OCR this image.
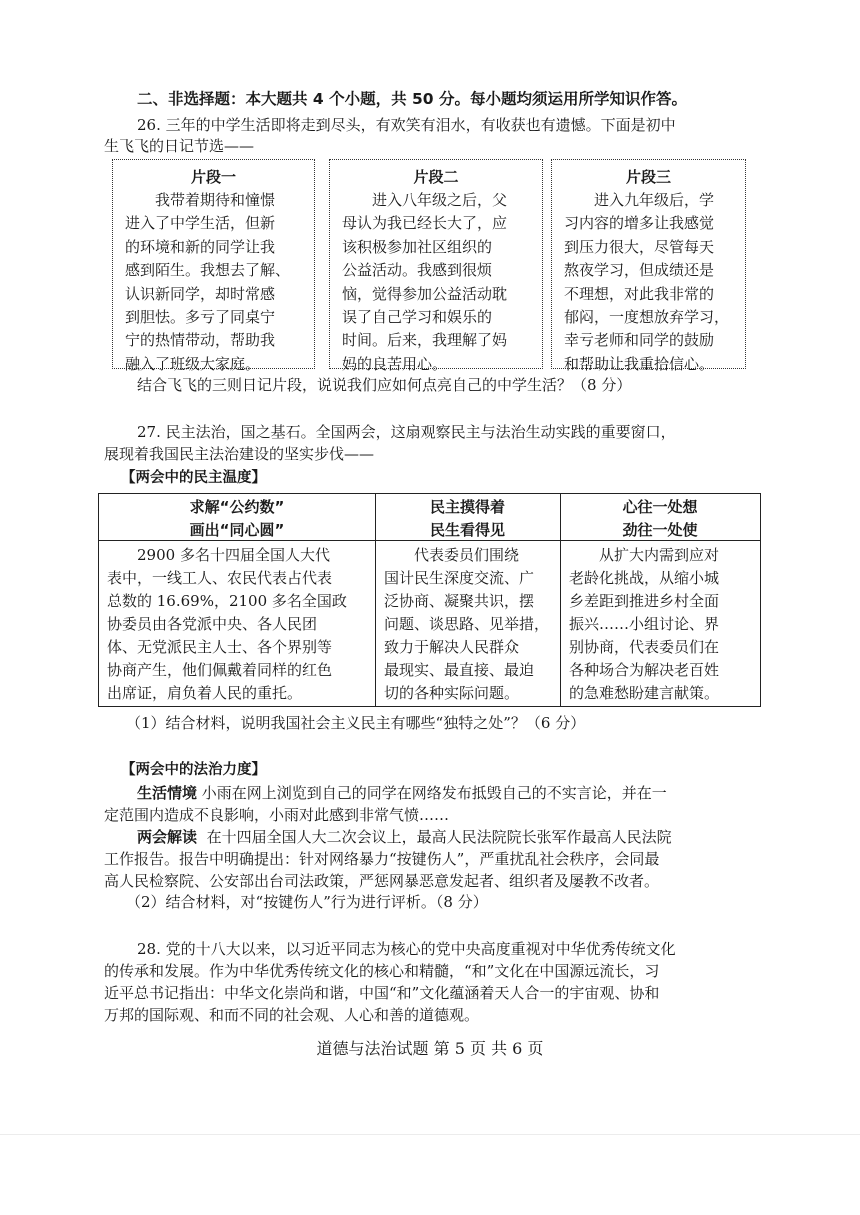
二、非选择题：本大题共 4 个小题，共 50 分。每小题均须运用所学知识作答。
26. 三年的中学生活即将走到尽头，有欢笑有泪水，有收获也有遗憾。下面是初中
生飞飞的日记节选——
片段一
我带着期待和憧憬
进入了中学生活，但新
的环境和新的同学让我
感到陌生。我想去了解、
认识新同学，却时常感
到胆怯。多亏了同桌宁
宁的热情带动，帮助我
融入了班级大家庭。
片段二
进入八年级之后，父
母认为我已经长大了，应
该积极参加社区组织的
公益活动。我感到很烦
恼，觉得参加公益活动耽
误了自己学习和娱乐的
时间。后来，我理解了妈
妈的良苦用心。
片段三
进入九年级后，学
习内容的增多让我感觉
到压力很大，尽管每天
熬夜学习，但成绩还是
不理想，对此我非常的
郁闷，一度想放弃学习，
幸亏老师和同学的鼓励
和帮助让我重拾信心。
结合飞飞的三则日记片段，说说我们应如何点亮自己的中学生活？（8 分）
27. 民主法治，国之基石。全国两会，这扇观察民主与法治生动实践的重要窗口，
展现着我国民主法治建设的坚实步伐——
【两会中的民主温度】
求解“公约数”
画出“同心圆”
民主摸得着
民生看得见
心往一处想
劲往一处使
2900 多名十四届全国人大代
表中，一线工人、农民代表占代表
总数的 16.69%，2100 多名全国政
协委员由各党派中央、各人民团
体、无党派民主人士、各个界别等
协商产生，他们佩戴着同样的红色
出席证，肩负着人民的重托。
代表委员们围绕
国计民生深度交流、广
泛协商、凝聚共识，摆
问题、谈思路、见举措，
致力于解决人民群众
最现实、最直接、最迫
切的各种实际问题。
从扩大内需到应对
老龄化挑战，从缩小城
乡差距到推进乡村全面
振兴……小组讨论、界
别协商，代表委员们在
各种场合为解决老百姓
的急难愁盼建言献策。
（1）结合材料，说明我国社会主义民主有哪些“独特之处”？（6 分）
【两会中的法治力度】
生活情境 小雨在网上浏览到自己的同学在网络发布抵毁自己的不实言论，并在一
定范围内造成不良影响，小雨对此感到非常气愤……
两会解读 在十四届全国人大二次会议上，最高人民法院院长张军作最高人民法院
工作报告。报告中明确提出：针对网络暴力“按键伤人”，严重扰乱社会秩序，会同最
高人民检察院、公安部出台司法政策，严惩网暴恶意发起者、组织者及屡教不改者。
（2）结合材料，对“按键伤人”行为进行评析。（8 分）
28. 党的十八大以来，以习近平同志为核心的党中央高度重视对中华优秀传统文化
的传承和发展。作为中华优秀传统文化的核心和精髓，“和”文化在中国源远流长，习
近平总书记指出：中华文化崇尚和谐，中国“和”文化蕴涵着天人合一的宇宙观、协和
万邦的国际观、和而不同的社会观、人心和善的道德观。
道德与法治试题 第 5 页 共 6 页
